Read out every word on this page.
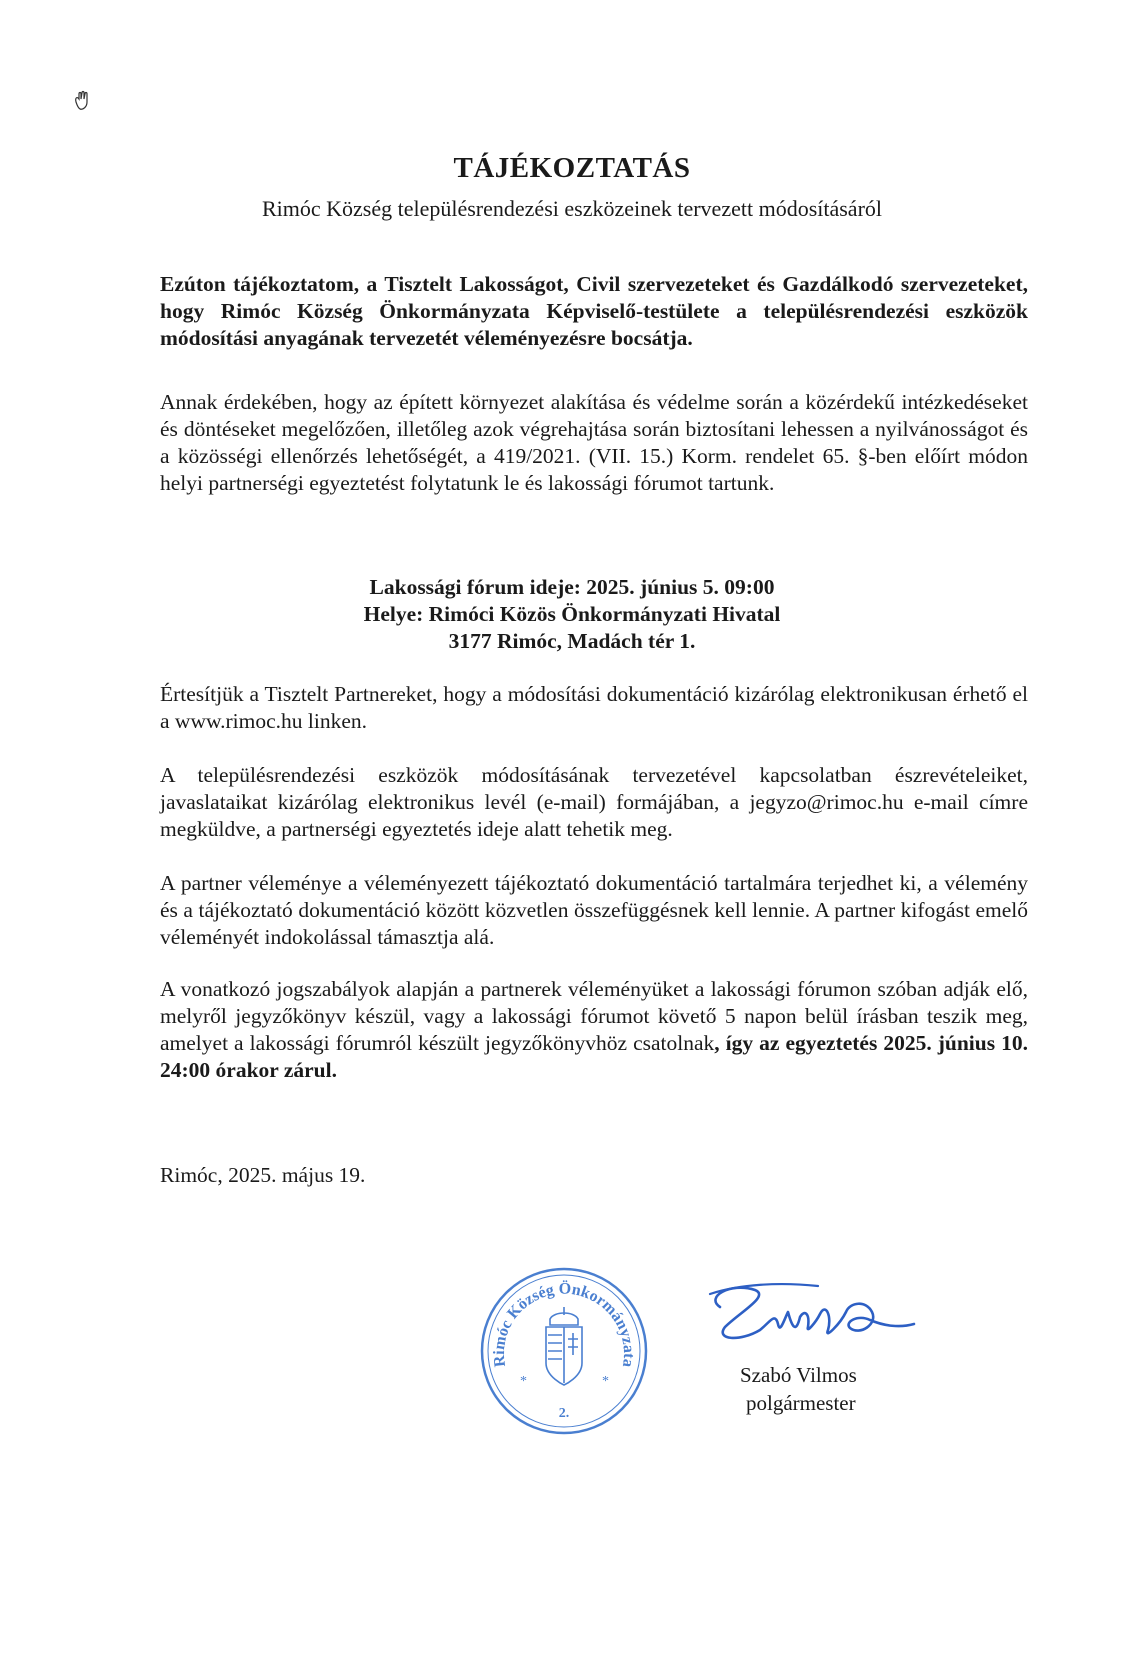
TÁJÉKOZTATÁS
Rimóc Község településrendezési eszközeinek tervezett módosításáról
Ezúton tájékoztatom, a Tisztelt Lakosságot, Civil szervezeteket és Gazdálkodó szervezeteket, hogy Rimóc Község Önkormányzata Képviselő-testülete a településrendezési eszközök módosítási anyagának tervezetét véleményezésre bocsátja.
Annak érdekében, hogy az épített környezet alakítása és védelme során a közérdekű intézkedéseket és döntéseket megelőzően, illetőleg azok végrehajtása során biztosítani lehessen a nyilvánosságot és a közösségi ellenőrzés lehetőségét, a 419/2021. (VII. 15.) Korm. rendelet 65. §-ben előírt módon helyi partnerségi egyeztetést folytatunk le és lakossági fórumot tartunk.
Lakossági fórum ideje: 2025. június 5. 09:00
Helye: Rimóci Közös Önkormányzati Hivatal
3177 Rimóc, Madách tér 1.
Értesítjük a Tisztelt Partnereket, hogy a módosítási dokumentáció kizárólag elektronikusan érhető el a www.rimoc.hu linken.
A településrendezési eszközök módosításának tervezetével kapcsolatban észrevételeiket, javaslataikat kizárólag elektronikus levél (e-mail) formájában, a jegyzo@rimoc.hu e-mail címre megküldve, a partnerségi egyeztetés ideje alatt tehetik meg.
A partner véleménye a véleményezett tájékoztató dokumentáció tartalmára terjedhet ki, a vélemény és a tájékoztató dokumentáció között közvetlen összefüggésnek kell lennie. A partner kifogást emelő véleményét indokolással támasztja alá.
A vonatkozó jogszabályok alapján a partnerek véleményüket a lakossági fórumon szóban adják elő, melyről jegyzőkönyv készül, vagy a lakossági fórumot követő 5 napon belül írásban teszik meg, amelyet a lakossági fórumról készült jegyzőkönyvhöz csatolnak, így az egyeztetés 2025. június 10. 24:00 órakor zárul.
Rimóc, 2025. május 19.
Rimóc Község Önkormányzata
*	*
2.
Szabó Vilmos
polgármester
